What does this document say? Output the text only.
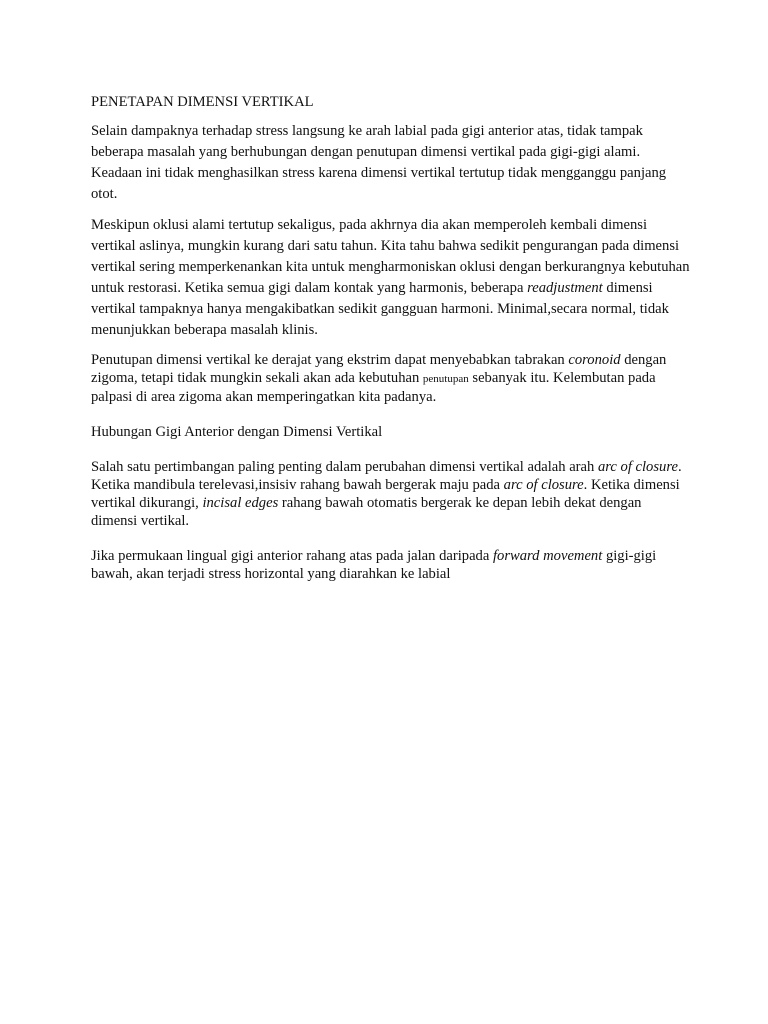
PENETAPAN DIMENSI VERTIKAL

Selain dampaknya terhadap stress langsung ke arah labial pada gigi anterior atas, tidak tampak beberapa masalah yang berhubungan dengan penutupan dimensi vertikal pada gigi-gigi alami. Keadaan ini tidak menghasilkan stress karena dimensi vertikal tertutup tidak mengganggu panjang otot.

Meskipun oklusi alami tertutup sekaligus, pada akhrnya dia akan memperoleh kembali dimensi vertikal aslinya, mungkin kurang dari satu tahun. Kita tahu bahwa sedikit pengurangan pada dimensi vertikal sering memperkenankan kita untuk mengharmoniskan oklusi dengan berkurangnya kebutuhan untuk restorasi. Ketika semua gigi dalam kontak yang harmonis, beberapa readjustment dimensi vertikal tampaknya hanya mengakibatkan sedikit gangguan harmoni. Minimal,secara normal, tidak menunjukkan beberapa masalah klinis.

Penutupan dimensi vertikal ke derajat yang ekstrim dapat menyebabkan tabrakan coronoid dengan zigoma, tetapi tidak mungkin sekali akan ada kebutuhan penutupan sebanyak itu. Kelembutan pada palpasi di area zigoma akan memperingatkan kita padanya.

Hubungan Gigi Anterior dengan Dimensi Vertikal

Salah satu pertimbangan paling penting dalam perubahan dimensi vertikal adalah arah arc of closure. Ketika mandibula terelevasi,insisiv rahang bawah bergerak maju pada arc of closure. Ketika dimensi vertikal dikurangi, incisal edges rahang bawah otomatis bergerak ke depan lebih dekat dengan dimensi vertikal.

Jika permukaan lingual gigi anterior rahang atas pada jalan daripada forward movement gigi-gigi bawah, akan terjadi stress horizontal yang diarahkan ke labial
